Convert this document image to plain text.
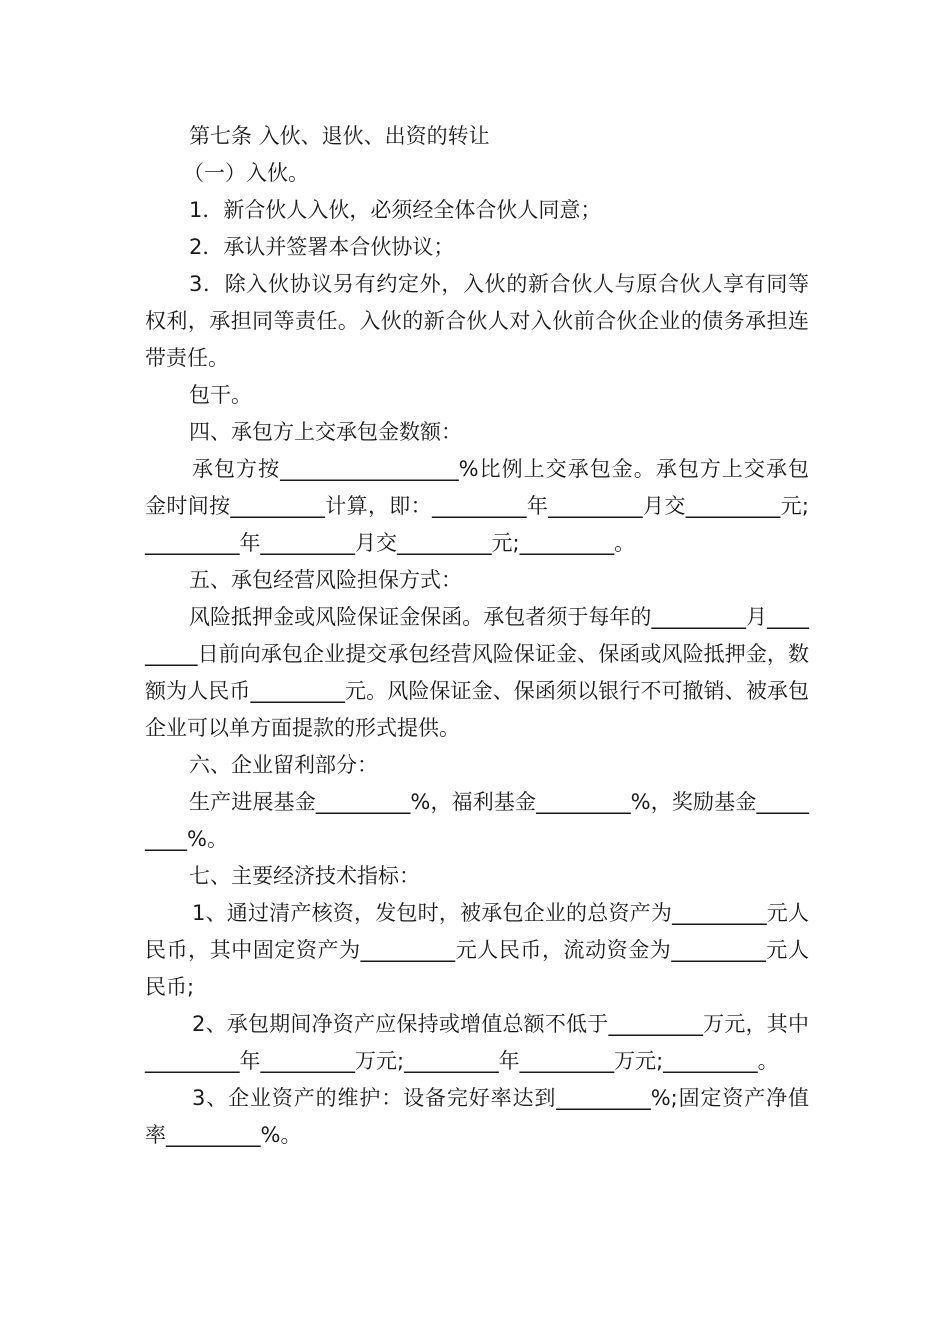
第七条 入伙、退伙、出资的转让

（一）入伙。

1．新合伙人入伙，必须经全体合伙人同意；

2．承认并签署本合伙协议；

3．除入伙协议另有约定外，入伙的新合伙人与原合伙人享有同等权利，承担同等责任。入伙的新合伙人对入伙前合伙企业的债务承担连带责任。

包干。

四、承包方上交承包金数额：

承包方按_________________%比例上交承包金。承包方上交承包金时间按_________计算，即：_________年_________月交_________元;_________年_________月交_________元;_________。

五、承包经营风险担保方式：

风险抵押金或风险保证金保函。承包者须于每年的_________月_________日前向承包企业提交承包经营风险保证金、保函或风险抵押金，数额为人民币_________元。风险保证金、保函须以银行不可撤销、被承包企业可以单方面提款的形式提供。

六、企业留利部分：

生产进展基金_________%，福利基金_________%，奖励基金_________%。

七、主要经济技术指标：

1、通过清产核资，发包时，被承包企业的总资产为_________元人民币，其中固定资产为_________元人民币，流动资金为_________元人民币;

2、承包期间净资产应保持或增值总额不低于_________万元，其中_________年_________万元;_________年_________万元;_________。

3、企业资产的维护：设备完好率达到_________%;固定资产净值率_________%。
